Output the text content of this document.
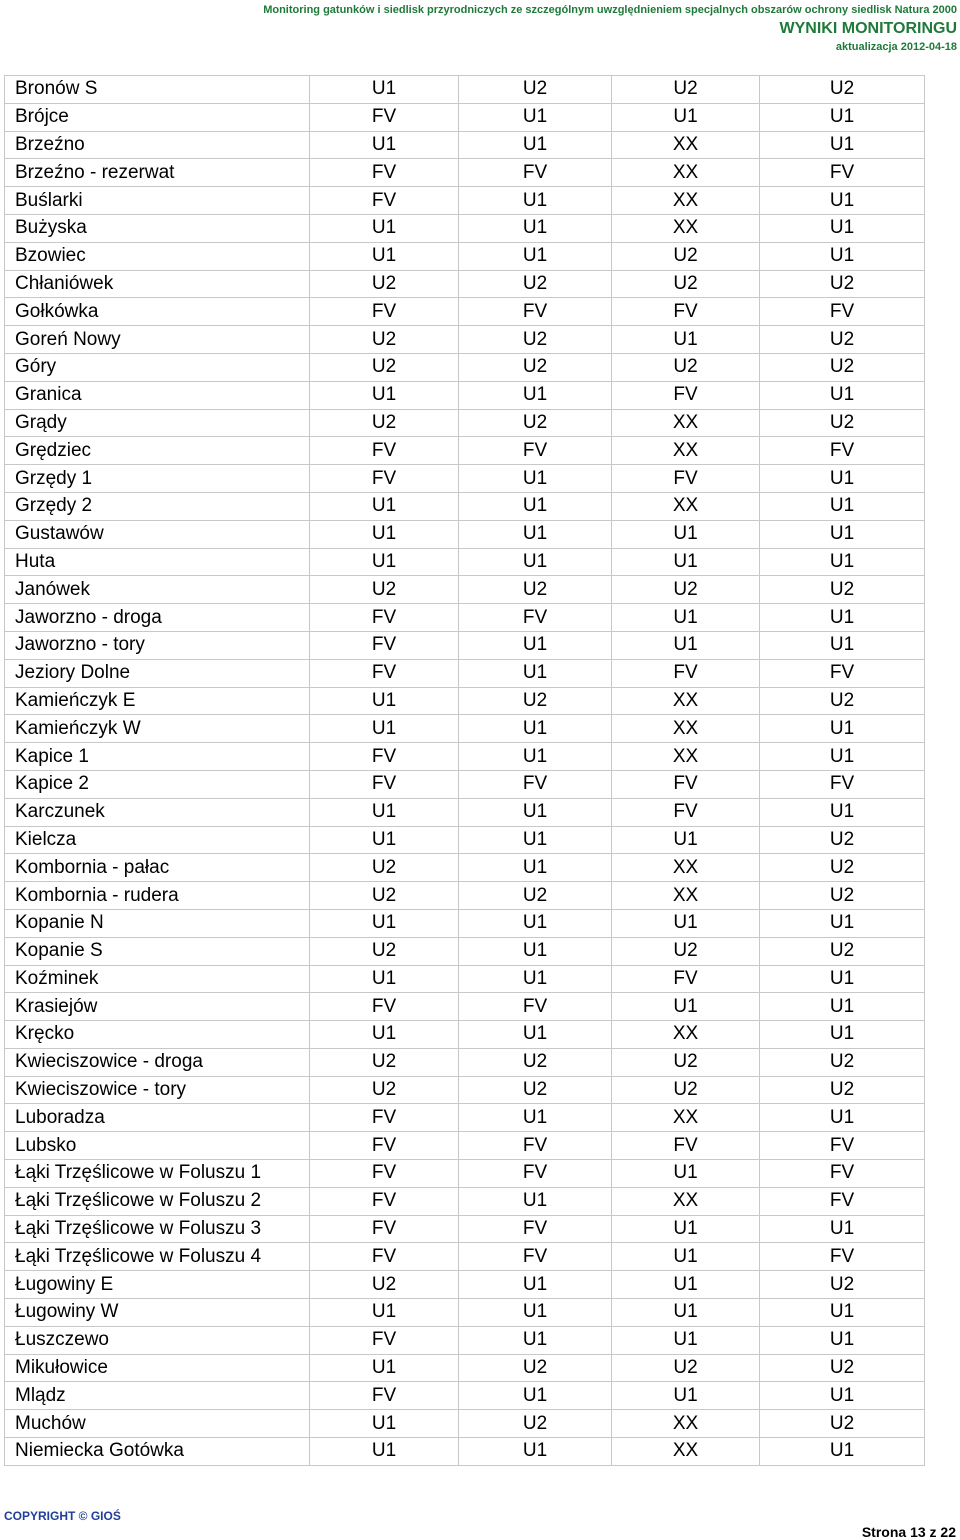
Monitoring gatunków i siedlisk przyrodniczych ze szczególnym uwzględnieniem specjalnych obszarów ochrony siedlisk Natura 2000
WYNIKI MONITORINGU
aktualizacja 2012-04-18
Bronów S	U1	U2	U2	U2
Brójce	FV	U1	U1	U1
Brzeźno	U1	U1	XX	U1
Brzeźno - rezerwat	FV	FV	XX	FV
Buślarki	FV	U1	XX	U1
Bużyska	U1	U1	XX	U1
Bzowiec	U1	U1	U2	U1
Chłaniówek	U2	U2	U2	U2
Gołkówka	FV	FV	FV	FV
Goreń Nowy	U2	U2	U1	U2
Góry	U2	U2	U2	U2
Granica	U1	U1	FV	U1
Grądy	U2	U2	XX	U2
Grędziec	FV	FV	XX	FV
Grzędy 1	FV	U1	FV	U1
Grzędy 2	U1	U1	XX	U1
Gustawów	U1	U1	U1	U1
Huta	U1	U1	U1	U1
Janówek	U2	U2	U2	U2
Jaworzno - droga	FV	FV	U1	U1
Jaworzno - tory	FV	U1	U1	U1
Jeziory Dolne	FV	U1	FV	FV
Kamieńczyk E	U1	U2	XX	U2
Kamieńczyk W	U1	U1	XX	U1
Kapice 1	FV	U1	XX	U1
Kapice 2	FV	FV	FV	FV
Karczunek	U1	U1	FV	U1
Kielcza	U1	U1	U1	U2
Kombornia - pałac	U2	U1	XX	U2
Kombornia - rudera	U2	U2	XX	U2
Kopanie N	U1	U1	U1	U1
Kopanie S	U2	U1	U2	U2
Koźminek	U1	U1	FV	U1
Krasiejów	FV	FV	U1	U1
Kręcko	U1	U1	XX	U1
Kwieciszowice - droga	U2	U2	U2	U2
Kwieciszowice - tory	U2	U2	U2	U2
Luboradza	FV	U1	XX	U1
Lubsko	FV	FV	FV	FV
Łąki Trzęślicowe w Foluszu 1	FV	FV	U1	FV
Łąki Trzęślicowe w Foluszu 2	FV	U1	XX	FV
Łąki Trzęślicowe w Foluszu 3	FV	FV	U1	U1
Łąki Trzęślicowe w Foluszu 4	FV	FV	U1	FV
Ługowiny E	U2	U1	U1	U2
Ługowiny W	U1	U1	U1	U1
Łuszczewo	FV	U1	U1	U1
Mikułowice	U1	U2	U2	U2
Mlądz	FV	U1	U1	U1
Muchów	U1	U2	XX	U2
Niemiecka Gotówka	U1	U1	XX	U1
COPYRIGHT © GIOŚ
Strona 13 z 22
